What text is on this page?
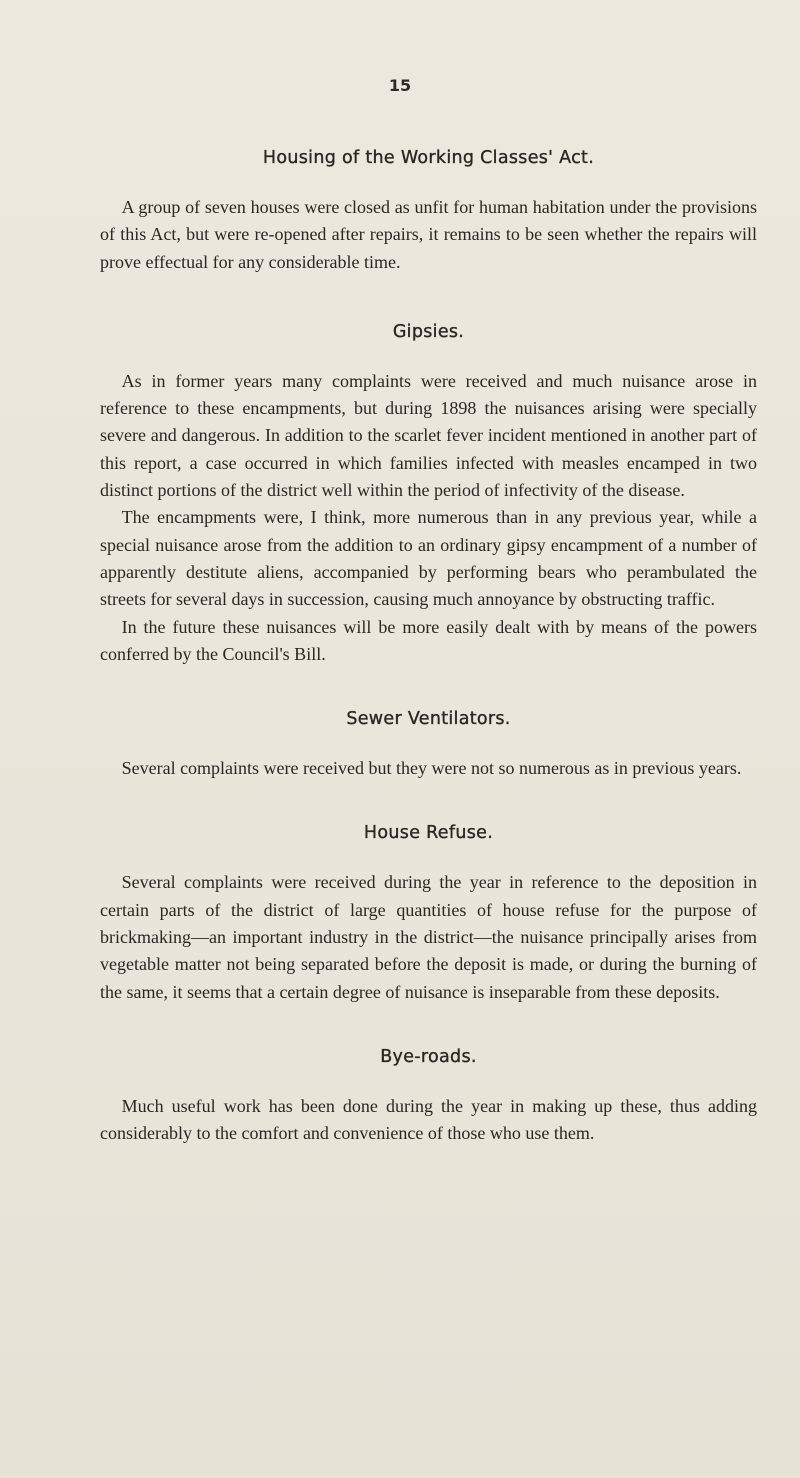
15
Housing of the Working Classes' Act.

A group of seven houses were closed as unfit for human habitation under the provisions of this Act, but were re-opened after repairs, it remains to be seen whether the repairs will prove effectual for any considerable time.

Gipsies.

As in former years many complaints were received and much nuisance arose in reference to these encampments, but during 1898 the nuisances arising were specially severe and dangerous. In addition to the scarlet fever incident mentioned in another part of this report, a case occurred in which families infected with measles encamped in two distinct portions of the district well within the period of infectivity of the disease.

The encampments were, I think, more numerous than in any previous year, while a special nuisance arose from the addition to an ordinary gipsy encampment of a number of apparently destitute aliens, accompanied by performing bears who perambulated the streets for several days in succession, causing much annoyance by obstructing traffic.

In the future these nuisances will be more easily dealt with by means of the powers conferred by the Council's Bill.

Sewer Ventilators.

Several complaints were received but they were not so numerous as in previous years.

House Refuse.

Several complaints were received during the year in reference to the deposition in certain parts of the district of large quantities of house refuse for the purpose of brickmaking—an important industry in the district—the nuisance principally arises from vegetable matter not being separated before the deposit is made, or during the burning of the same, it seems that a certain degree of nuisance is inseparable from these deposits.

Bye-roads.

Much useful work has been done during the year in making up these, thus adding considerably to the comfort and convenience of those who use them.
